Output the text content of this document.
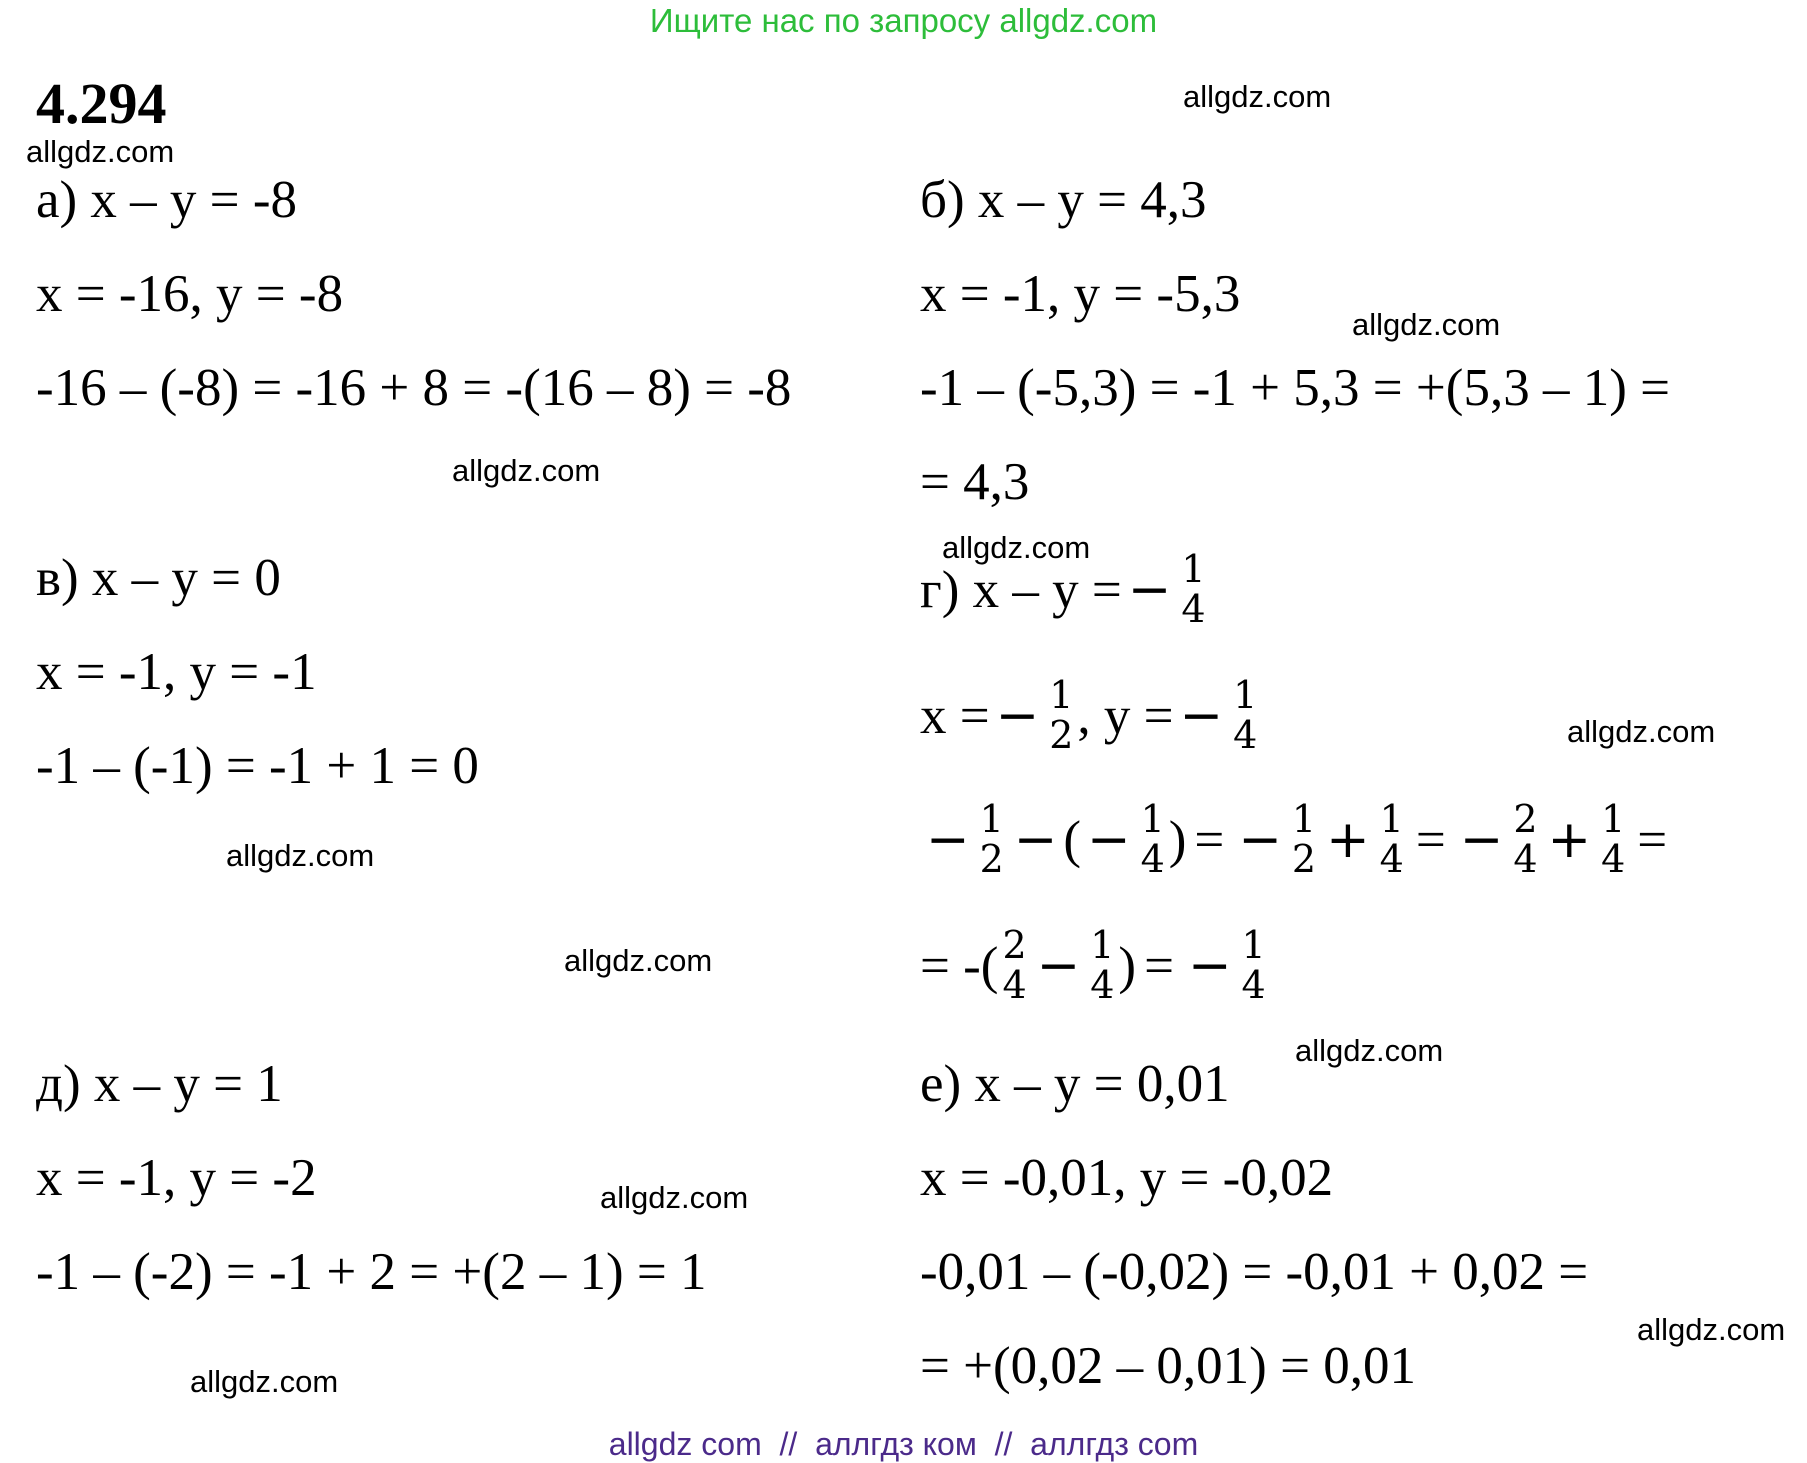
Ищите нас по запросу allgdz.com
4.294
allgdz.com
allgdz.com
allgdz.com
allgdz.com
allgdz.com
allgdz.com
allgdz.com
allgdz.com
allgdz.com
allgdz.com
allgdz.com
allgdz.com
а) x – y = -8
x = -16, y = -8
-16 – (-8) = -16 + 8 = -(16 – 8) = -8
б) x – y = 4,3
x = -1, y = -5,3
-1 – (-5,3) = -1 + 5,3 = +(5,3 – 1) =
= 4,3
в) x – y = 0
x = -1, y = -1
-1 – (-1) = -1 + 1 = 0
г) x – y = − 1
4
x = − 1
2 , y = − 1
4
− 1
2 − ( − 1
4 ) = − 1
2 + 1
4 = − 2
4 + 1
4 =
= -( 2
4 − 1
4 ) = − 1
4
д) x – y = 1
x = -1, y = -2
-1 – (-2) = -1 + 2 = +(2 – 1) = 1
е) x – y = 0,01
x = -0,01, y = -0,02
-0,01 – (-0,02) = -0,01 + 0,02 =
= +(0,02 – 0,01) = 0,01
allgdz com  //  аллгдз ком  //  аллгдз com
